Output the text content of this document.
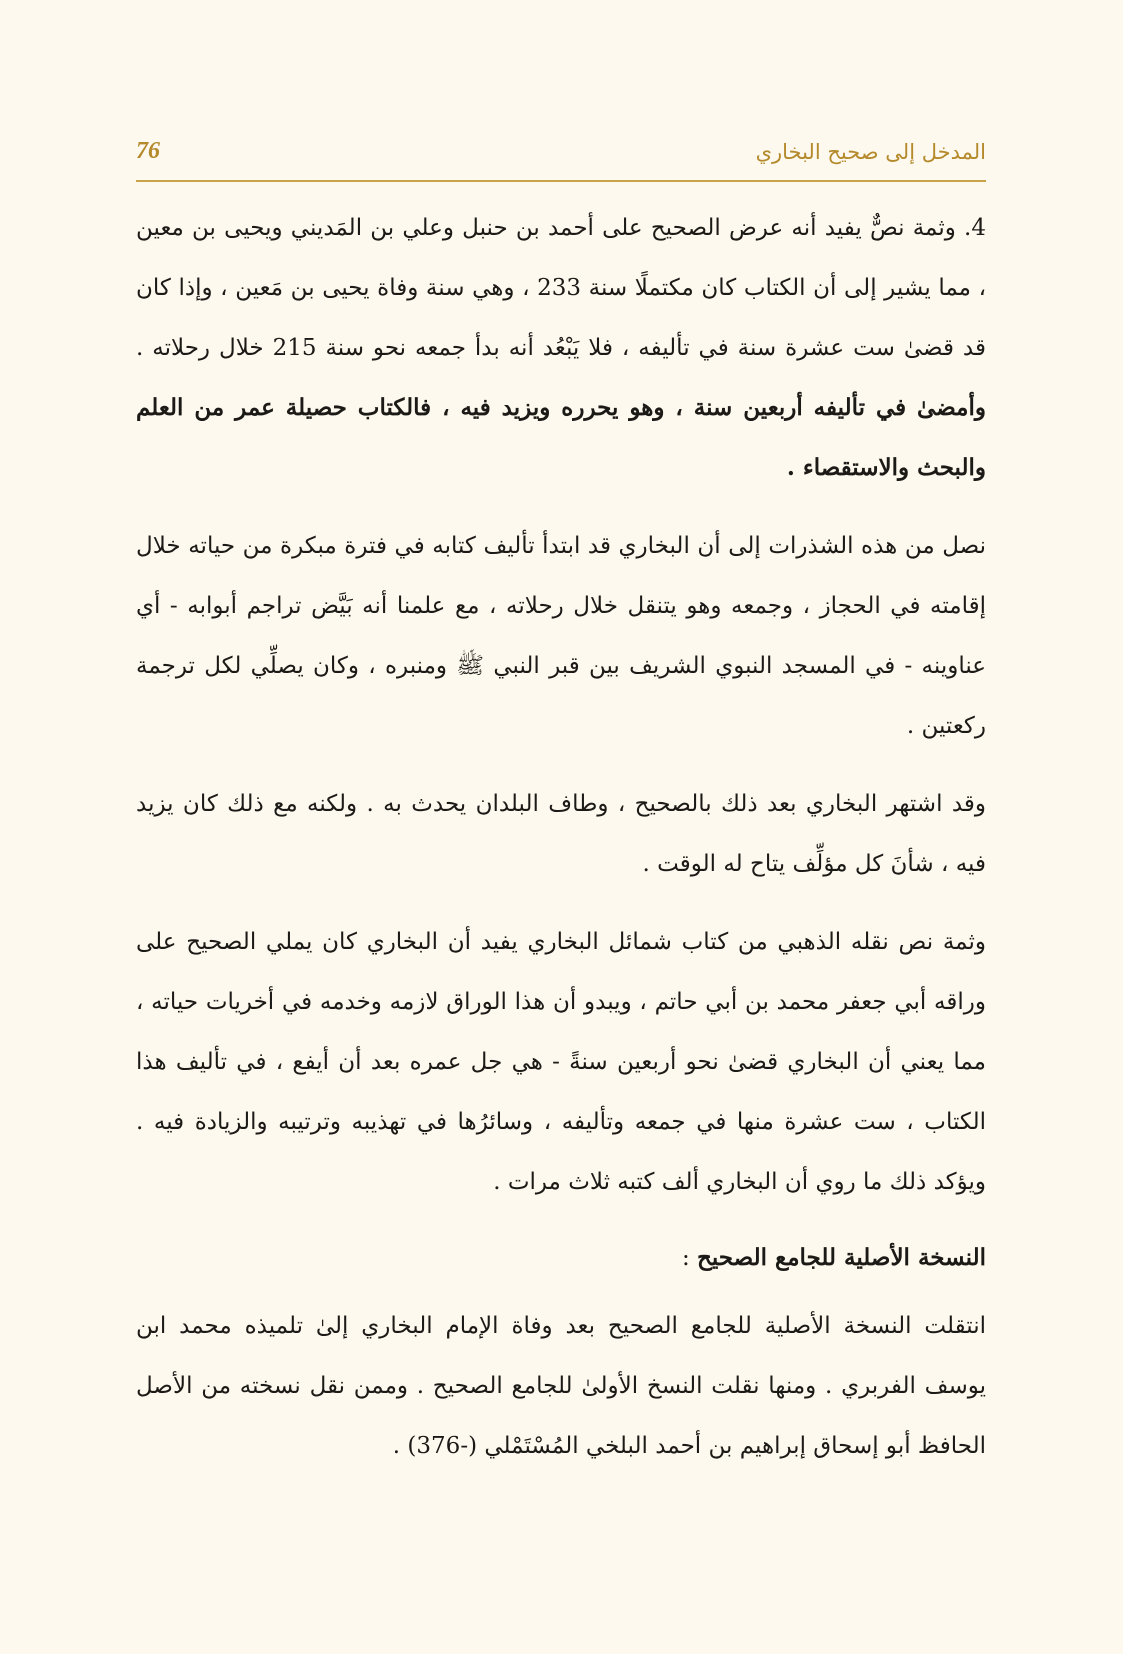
المدخل إلى صحيح البخاري
76

4. وثمة نصٌّ يفيد أنه عرض الصحيح على أحمد بن حنبل وعلي بن المَديني ويحيى بن معين ، مما يشير إلى أن الكتاب كان مكتملًا سنة 233 ، وهي سنة وفاة يحيى بن مَعين ، وإذا كان قد قضىٰ ست عشرة سنة في تأليفه ، فلا يَبْعُد أنه بدأ جمعه نحو سنة 215 خلال رحلاته . وأمضىٰ في تأليفه أربعين سنة ، وهو يحرره ويزيد فيه ، فالكتاب حصيلة عمر من العلم والبحث والاستقصاء .

نصل من هذه الشذرات إلى أن البخاري قد ابتدأ تأليف كتابه في فترة مبكرة من حياته خلال إقامته في الحجاز ، وجمعه وهو يتنقل خلال رحلاته ، مع علمنا أنه بَيَّض تراجم أبوابه - أي عناوينه - في المسجد النبوي الشريف بين قبر النبي ﷺ ومنبره ، وكان يصلِّي لكل ترجمة ركعتين .

وقد اشتهر البخاري بعد ذلك بالصحيح ، وطاف البلدان يحدث به . ولكنه مع ذلك كان يزيد فيه ، شأنَ كل مؤلِّف يتاح له الوقت .

وثمة نص نقله الذهبي من كتاب شمائل البخاري يفيد أن البخاري كان يملي الصحيح على وراقه أبي جعفر محمد بن أبي حاتم ، ويبدو أن هذا الوراق لازمه وخدمه في أخريات حياته ، مما يعني أن البخاري قضىٰ نحو أربعين سنةً - هي جل عمره بعد أن أيفع ، في تأليف هذا الكتاب ، ست عشرة منها في جمعه وتأليفه ، وسائرُها في تهذيبه وترتيبه والزيادة فيه . ويؤكد ذلك ما روي أن البخاري ألف كتبه ثلاث مرات .

النسخة الأصلية للجامع الصحيح :

انتقلت النسخة الأصلية للجامع الصحيح بعد وفاة الإمام البخاري إلىٰ تلميذه محمد ابن يوسف الفربري . ومنها نقلت النسخ الأولىٰ للجامع الصحيح . وممن نقل نسخته من الأصل الحافظ أبو إسحاق إبراهيم بن أحمد البلخي المُسْتَمْلي (-376) .
